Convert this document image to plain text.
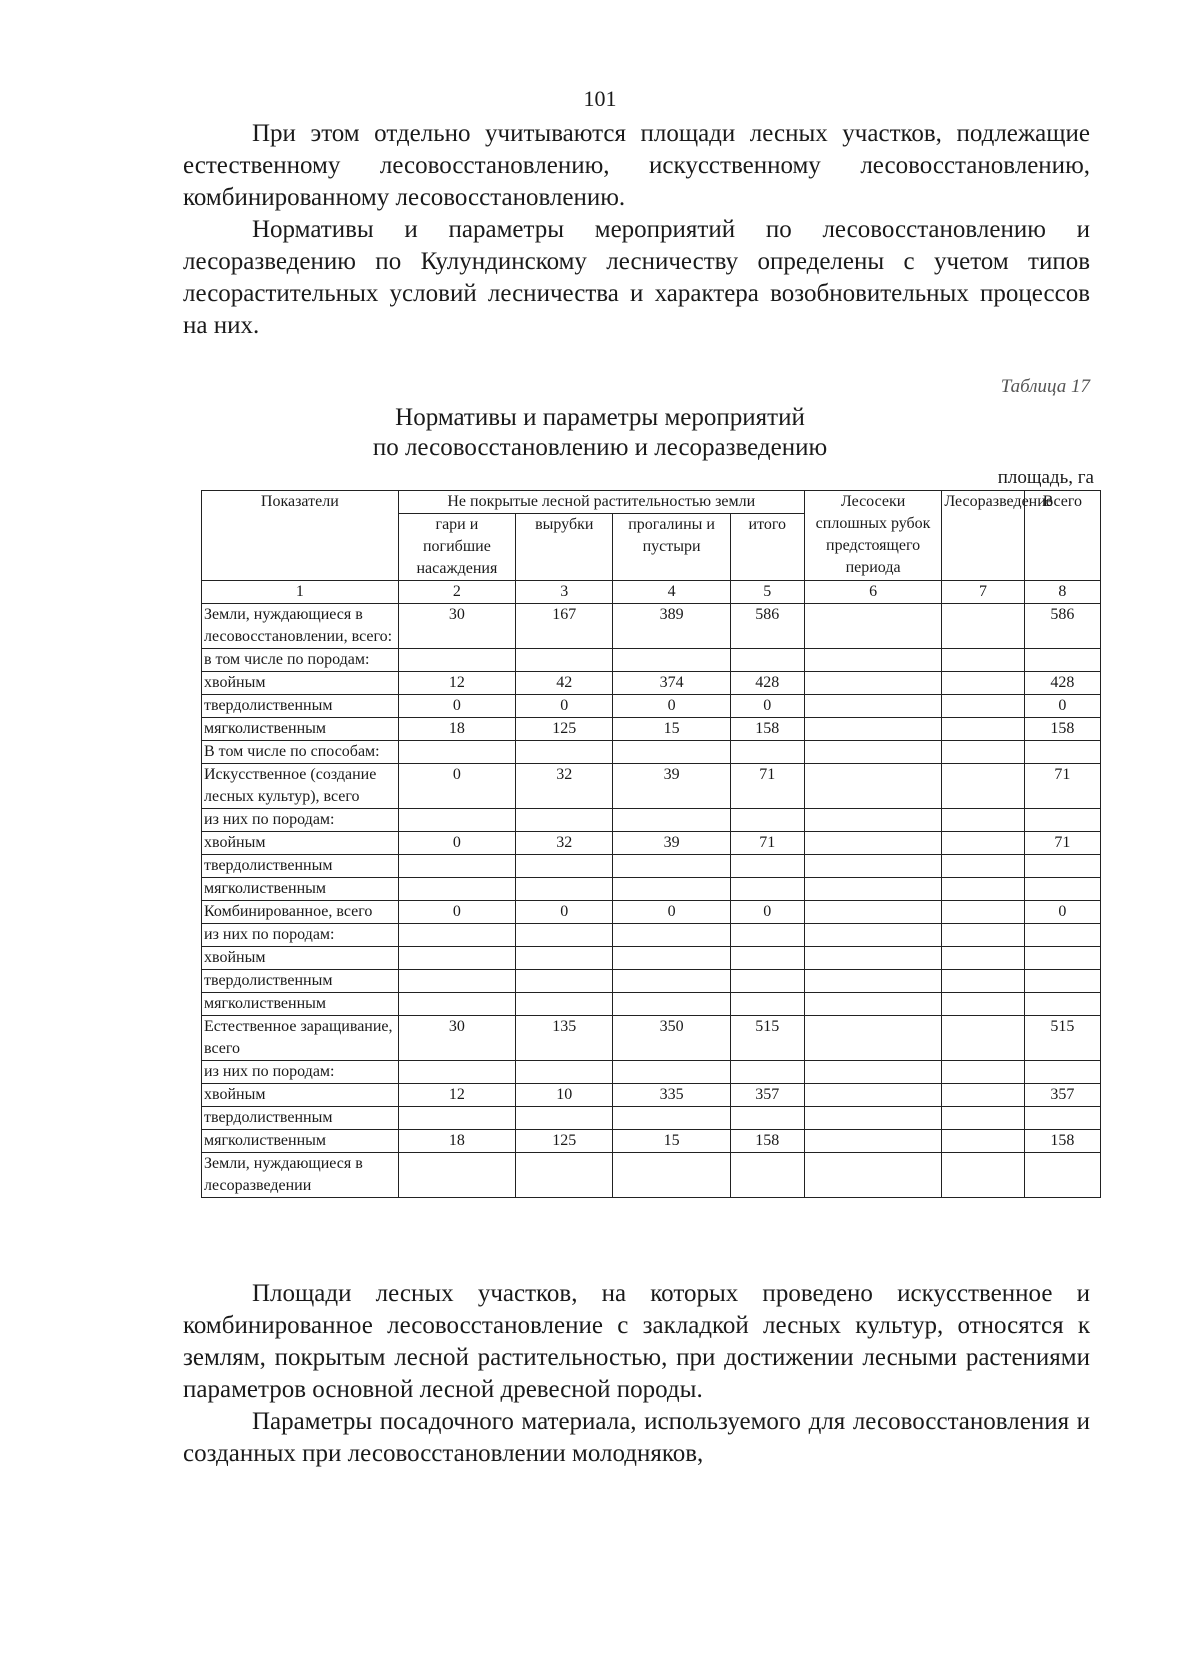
101

При этом отдельно учитываются площади лесных участков, подлежащие естественному лесовосстановлению, искусственному лесовосстановлению, комбинированному лесовосстановлению.

Нормативы и параметры мероприятий по лесовосстановлению и лесоразведению по Кулундинскому лесничеству определены с учетом типов лесорастительных условий лесничества и характера возобновительных процессов на них.

Таблица 17
Нормативы и параметры мероприятий
по лесовосстановлению и лесоразведению
площадь, га
Показатели	Не покрытые лесной растительностью земли				Лесосеки сплошных рубок предстоящего периода	Лесоразведение	Всего
	гари и погибшие насаждения	вырубки	прогалины и пустыри	итого			
1	2	3	4	5	6	7	8
Земли, нуждающиеся в лесовосстановлении, всего:	30	167	389	586			586
в том числе по породам:							
хвойным	12	42	374	428			428
твердолиственным	0	0	0	0			0
мягколиственным	18	125	15	158			158
В том числе по способам:							
Искусственное (создание лесных культур), всего	0	32	39	71			71
из них по породам:							
хвойным	0	32	39	71			71
твердолиственным							
мягколиственным							
Комбинированное, всего	0	0	0	0			0
из них по породам:							
хвойным							
твердолиственным							
мягколиственным							
Естественное заращивание, всего	30	135	350	515			515
из них по породам:							
хвойным	12	10	335	357			357
твердолиственным							
мягколиственным	18	125	15	158			158
Земли, нуждающиеся в лесоразведении							

Площади лесных участков, на которых проведено искусственное и комбинированное лесовосстановление с закладкой лесных культур, относятся к землям, покрытым лесной растительностью, при достижении лесными растениями параметров основной лесной древесной породы.

Параметры посадочного материала, используемого для лесовосстановления и созданных при лесовосстановлении молодняков,
